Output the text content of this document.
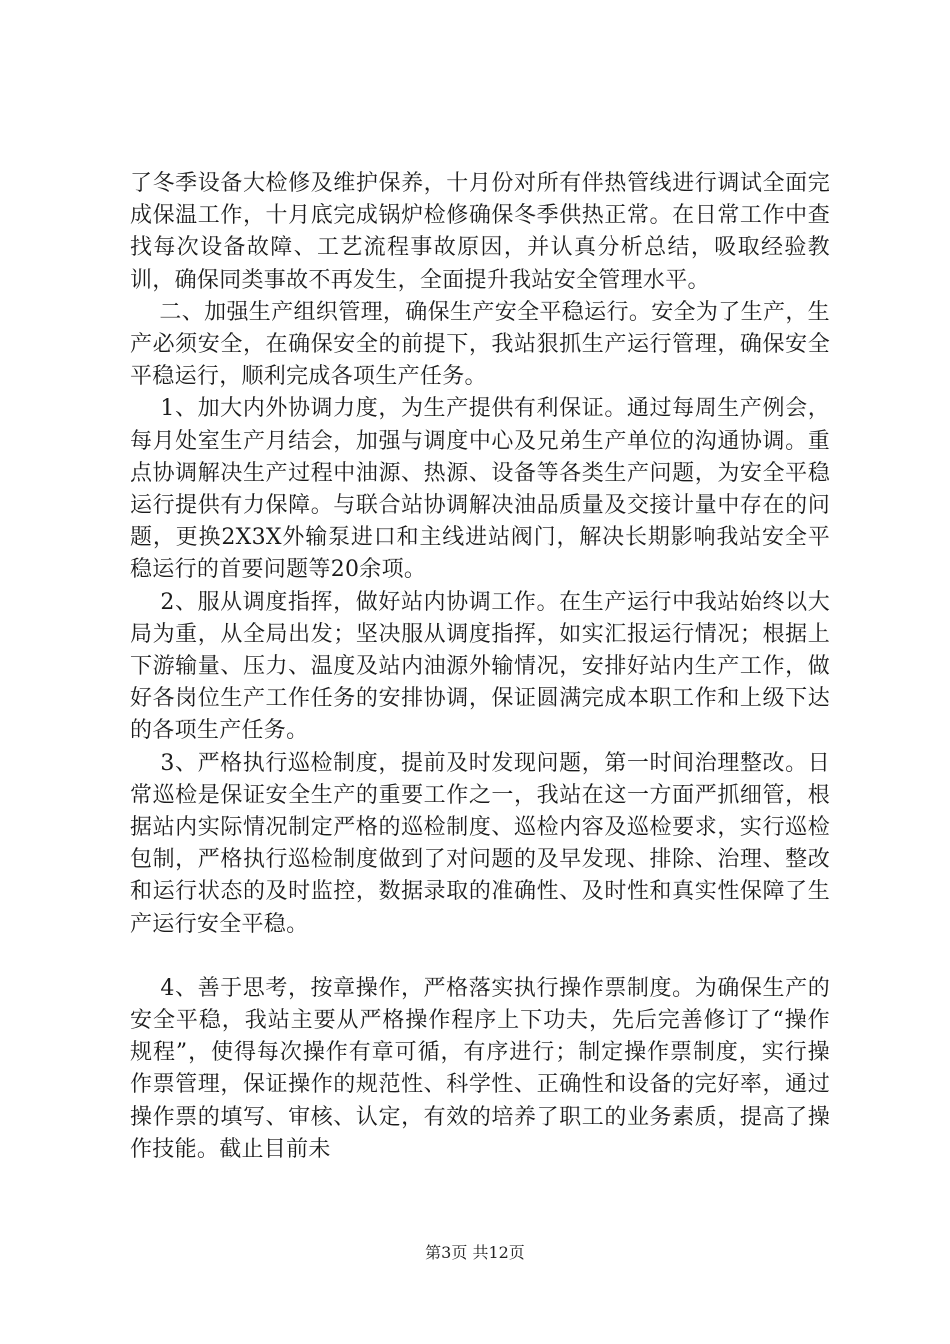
了冬季设备大检修及维护保养，十月份对所有伴热管线进行调试全面完成保温工作，十月底完成锅炉检修确保冬季供热正常。在日常工作中查找每次设备故障、工艺流程事故原因，并认真分析总结，吸取经验教训，确保同类事故不再发生，全面提升我站安全管理水平。

二、加强生产组织管理，确保生产安全平稳运行。安全为了生产，生产必须安全，在确保安全的前提下，我站狠抓生产运行管理，确保安全平稳运行，顺利完成各项生产任务。

1、加大内外协调力度，为生产提供有利保证。通过每周生产例会，每月处室生产月结会，加强与调度中心及兄弟生产单位的沟通协调。重点协调解决生产过程中油源、热源、设备等各类生产问题，为安全平稳运行提供有力保障。与联合站协调解决油品质量及交接计量中存在的问题，更换2X3X外输泵进口和主线进站阀门，解决长期影响我站安全平稳运行的首要问题等20余项。

2、服从调度指挥，做好站内协调工作。在生产运行中我站始终以大局为重，从全局出发；坚决服从调度指挥，如实汇报运行情况；根据上下游输量、压力、温度及站内油源外输情况，安排好站内生产工作，做好各岗位生产工作任务的安排协调，保证圆满完成本职工作和上级下达的各项生产任务。

3、严格执行巡检制度，提前及时发现问题，第一时间治理整改。日常巡检是保证安全生产的重要工作之一，我站在这一方面严抓细管，根据站内实际情况制定严格的巡检制度、巡检内容及巡检要求，实行巡检包制，严格执行巡检制度做到了对问题的及早发现、排除、治理、整改和运行状态的及时监控，数据录取的准确性、及时性和真实性保障了生产运行安全平稳。

4、善于思考，按章操作，严格落实执行操作票制度。为确保生产的安全平稳，我站主要从严格操作程序上下功夫，先后完善修订了“操作规程”，使得每次操作有章可循，有序进行；制定操作票制度，实行操作票管理，保证操作的规范性、科学性、正确性和设备的完好率，通过操作票的填写、审核、认定，有效的培养了职工的业务素质，提高了操作技能。截止目前未

第3页 共12页
